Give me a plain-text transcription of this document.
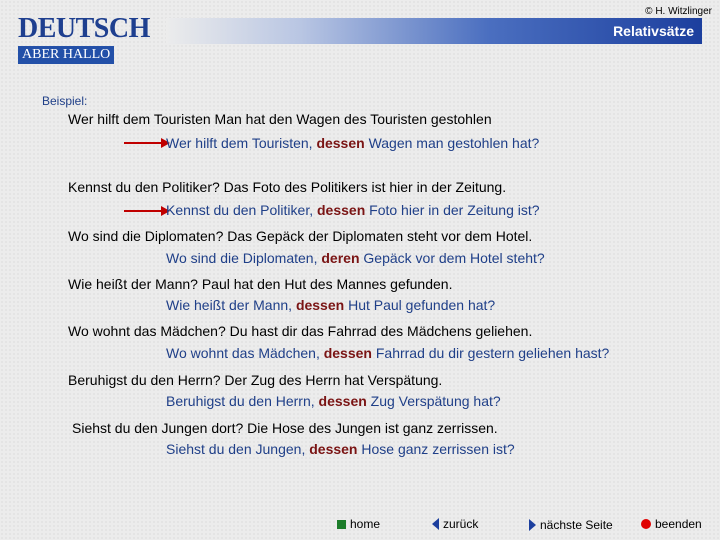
© H. Witzlinger
DEUTSCH
ABER HALLO
Relativsätze
Beispiel:
Wer hilft dem Touristen Man hat den Wagen des Touristen gestohlen
Wer hilft dem Touristen, dessen Wagen man gestohlen hat?
Kennst du den Politiker? Das Foto des Politikers ist hier in der Zeitung.
Kennst du den Politiker, dessen Foto hier in der Zeitung ist?
Wo sind die Diplomaten? Das Gepäck der Diplomaten steht vor dem Hotel.
Wo sind die Diplomaten, deren Gepäck vor dem Hotel steht?
Wie heißt der Mann? Paul hat den Hut des Mannes gefunden.
Wie heißt der Mann, dessen Hut Paul gefunden hat?
Wo wohnt das Mädchen? Du hast dir das Fahrrad des Mädchens geliehen.
Wo wohnt das Mädchen, dessen Fahrrad du dir gestern geliehen hast?
Beruhigst du den Herrn? Der Zug des Herrn hat Verspätung.
Beruhigst du den Herrn, dessen Zug Verspätung hat?
Siehst du den Jungen dort? Die Hose des Jungen ist ganz zerrissen.
Siehst du den Jungen, dessen Hose ganz zerrissen ist?
home	zurück	nächste Seite	beenden
